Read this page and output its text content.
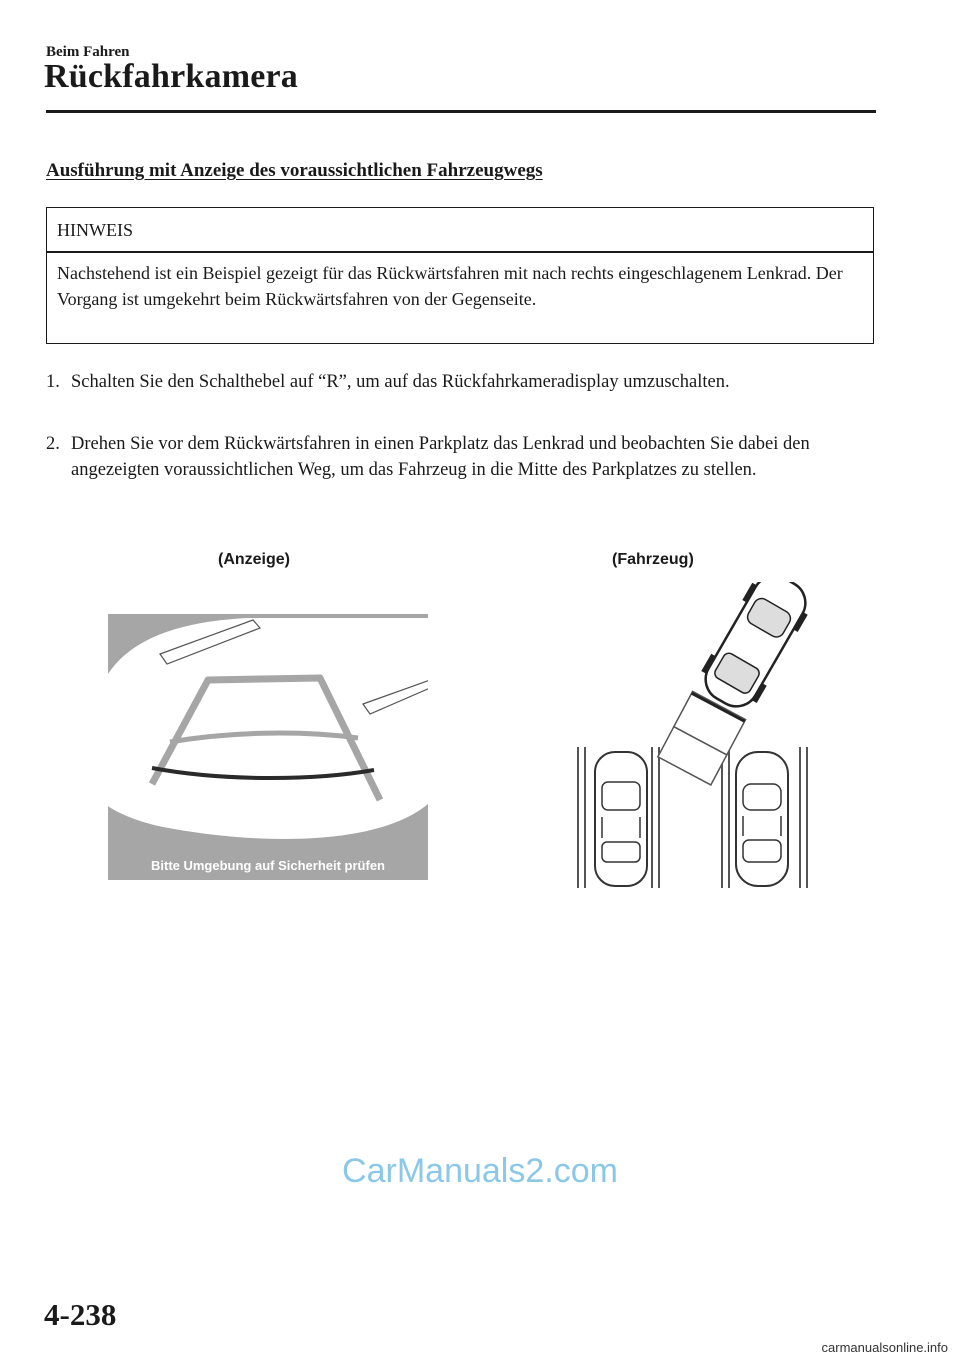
Beim Fahren
Rückfahrkamera
Ausführung mit Anzeige des voraussichtlichen Fahrzeugwegs
HINWEIS
Nachstehend ist ein Beispiel gezeigt für das Rückwärtsfahren mit nach rechts eingeschlagenem Lenkrad. Der Vorgang ist umgekehrt beim Rückwärtsfahren von der Gegenseite.
1. Schalten Sie den Schalthebel auf “R”, um auf das Rückfahrkameradisplay umzuschalten.
2. Drehen Sie vor dem Rückwärtsfahren in einen Parkplatz das Lenkrad und beobachten Sie dabei den angezeigten voraussichtlichen Weg, um das Fahrzeug in die Mitte des Parkplatzes zu stellen.
(Anzeige)	(Fahrzeug)
Bitte Umgebung auf Sicherheit prüfen
CarManuals2.com
4-238
carmanualsonline.info
